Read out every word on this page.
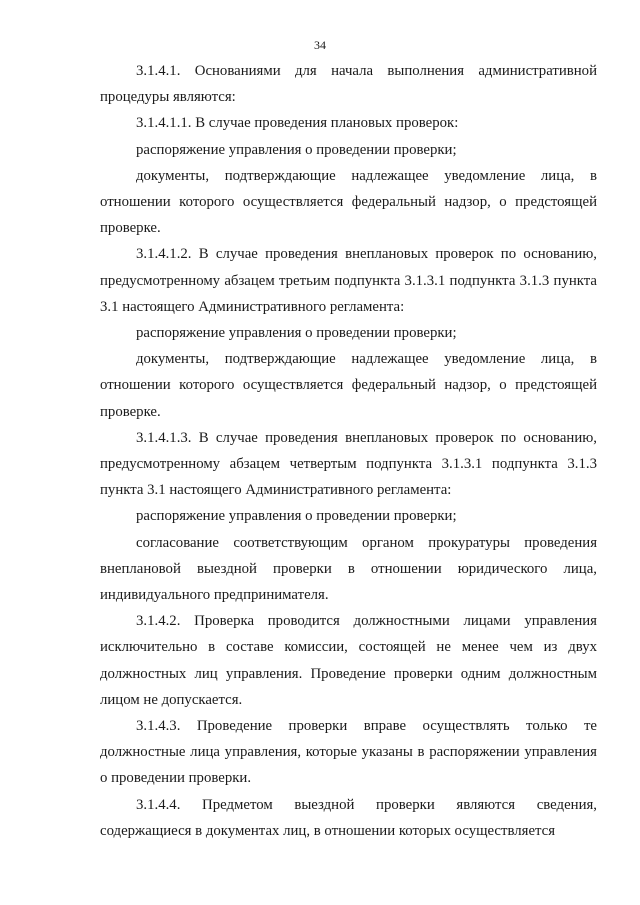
34

3.1.4.1. Основаниями для начала выполнения административной процедуры являются:

3.1.4.1.1. В случае проведения плановых проверок:

распоряжение управления о проведении проверки;

документы, подтверждающие надлежащее уведомление лица, в отношении которого осуществляется федеральный надзор, о предстоящей проверке.

3.1.4.1.2. В случае проведения внеплановых проверок по основанию, предусмотренному абзацем третьим подпункта 3.1.3.1 подпункта 3.1.3 пункта 3.1 настоящего Административного регламента:

распоряжение управления о проведении проверки;

документы, подтверждающие надлежащее уведомление лица, в отношении которого осуществляется федеральный надзор, о предстоящей проверке.

3.1.4.1.3. В случае проведения внеплановых проверок по основанию, предусмотренному абзацем четвертым подпункта 3.1.3.1 подпункта 3.1.3 пункта 3.1 настоящего Административного регламента:

распоряжение управления о проведении проверки;

согласование соответствующим органом прокуратуры проведения внеплановой выездной проверки в отношении юридического лица, индивидуального предпринимателя.

3.1.4.2. Проверка проводится должностными лицами управления исключительно в составе комиссии, состоящей не менее чем из двух должностных лиц управления. Проведение проверки одним должностным лицом не допускается.

3.1.4.3. Проведение проверки вправе осуществлять только те должностные лица управления, которые указаны в распоряжении управления о проведении проверки.

3.1.4.4. Предметом выездной проверки являются сведения, содержащиеся в документах лиц, в отношении которых осуществляется
